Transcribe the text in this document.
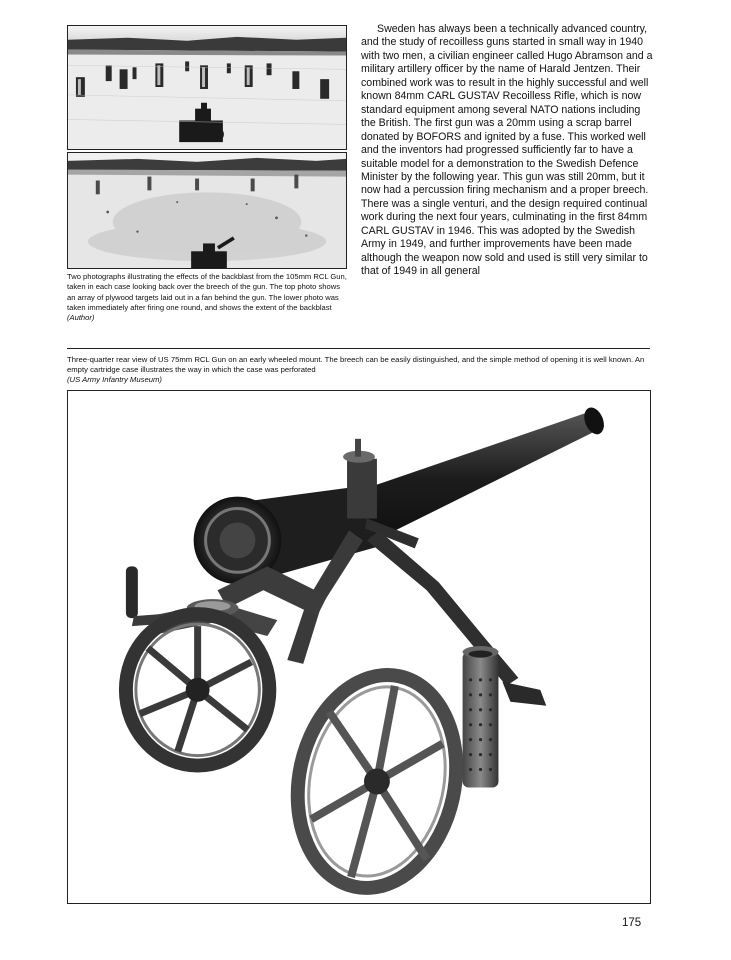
Two photographs illustrating the effects of the backblast from the 105mm RCL Gun, taken in each case looking back over the breech of the gun. The top photo shows an array of plywood targets laid out in a fan behind the gun. The lower photo was taken immediately after firing one round, and shows the extent of the backblast (Author)

Sweden has always been a technically advanced country, and the study of recoilless guns started in small way in 1940 with two men, a civilian engineer called Hugo Abramson and a military artillery officer by the name of Harald Jentzen. Their combined work was to result in the highly successful and well known 84mm CARL GUSTAV Recoilless Rifle, which is now standard equipment among several NATO nations including the British. The first gun was a 20mm using a scrap barrel donated by BOFORS and ignited by a fuse. This worked well and the inventors had progressed sufficiently far to have a suitable model for a demonstration to the Swedish Defence Minister by the following year. This gun was still 20mm, but it now had a percussion firing mechanism and a proper breech. There was a single venturi, and the design required continual work during the next four years, culminating in the first 84mm CARL GUSTAV in 1946. This was adopted by the Swedish Army in 1949, and further improvements have been made although the weapon now sold and used is still very similar to that of 1949 in all general

Three-quarter rear view of US 75mm RCL Gun on an early wheeled mount. The breech can be easily distinguished, and the simple method of opening it is well known. An empty cartridge case illustrates the way in which the case was perforated
(US Army Infantry Museum)
175
